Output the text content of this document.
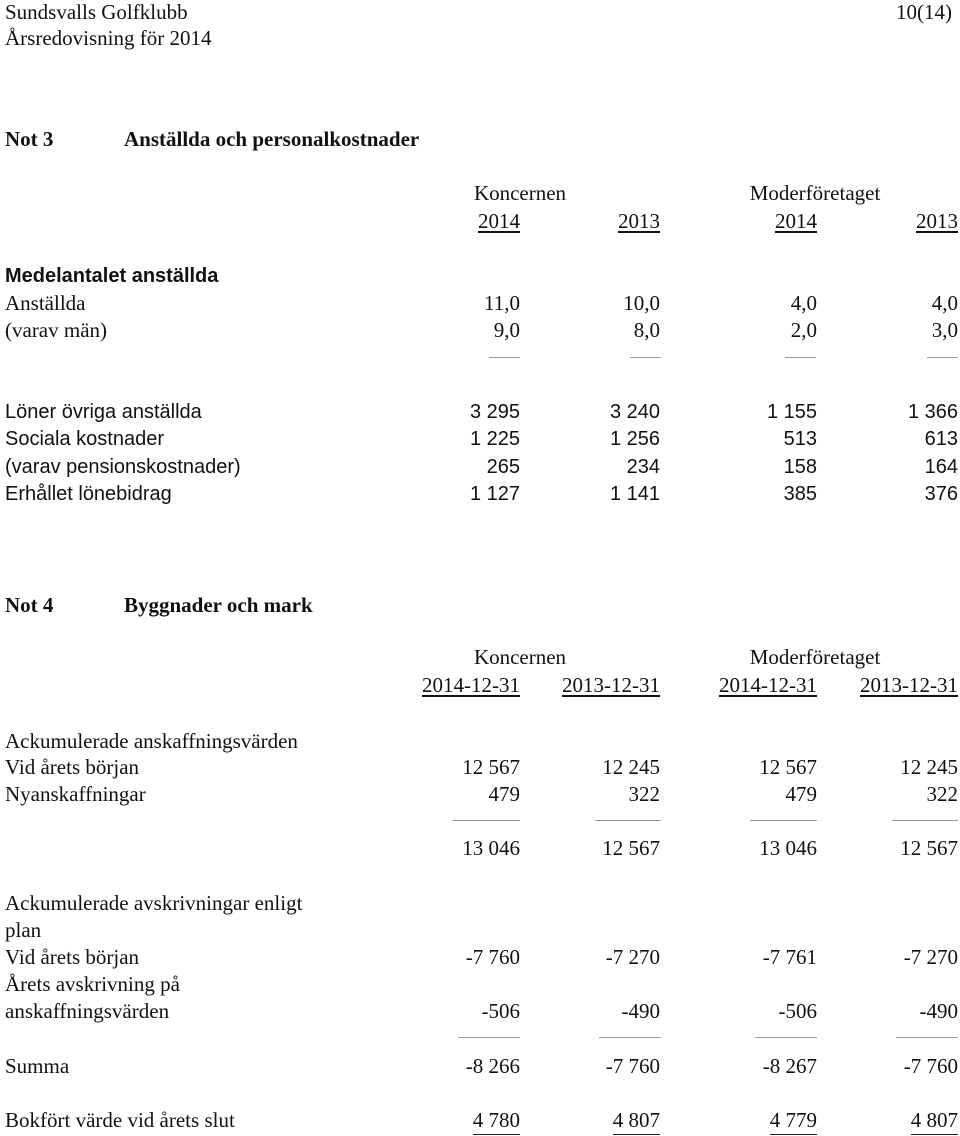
Sundsvalls Golfklubb
Årsredovisning för 2014
10(14)
Not 3	Anställda och personalkostnader
Koncernen	Moderföretaget
2014	2013	2014	2013
Medelantalet anställda
Anställda	11,0	10,0	4,0	4,0
(varav män)	9,0	8,0	2,0	3,0
Löner övriga anställda	3 295	3 240	1 155	1 366
Sociala kostnader	1 225	1 256	513	613
(varav pensionskostnader)	265	234	158	164
Erhållet lönebidrag	1 127	1 141	385	376
Not 4	Byggnader och mark
Koncernen	Moderföretaget
2014-12-31	2013-12-31	2014-12-31	2013-12-31
Ackumulerade anskaffningsvärden
Vid årets början	12 567	12 245	12 567	12 245
Nyanskaffningar	479	322	479	322
13 046	12 567	13 046	12 567
Ackumulerade avskrivningar enligt
plan
Vid årets början	-7 760	-7 270	-7 761	-7 270
Årets avskrivning på
anskaffningsvärden	-506	-490	-506	-490
Summa	-8 266	-7 760	-8 267	-7 760
Bokfört värde vid årets slut	4 780	4 807	4 779	4 807
